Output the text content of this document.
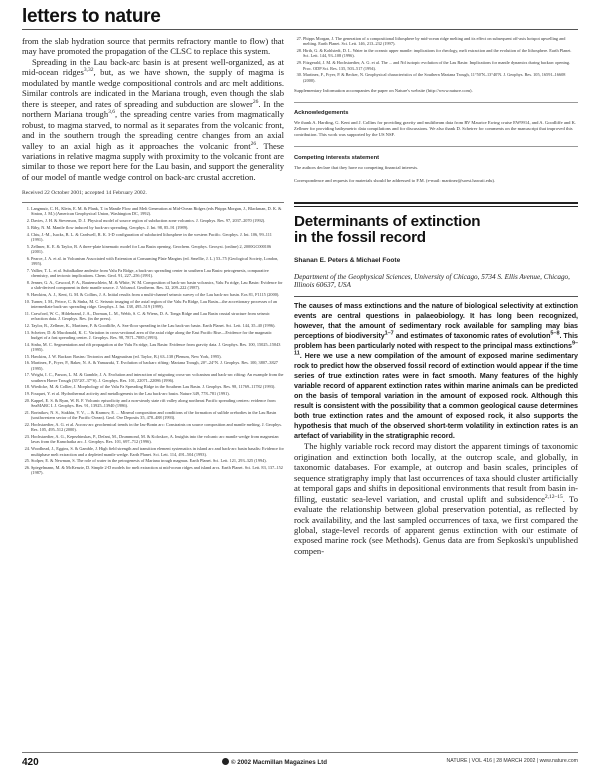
letters to nature

from the slab hydration source that permits refractory mantle to flow) that may have promoted the propagation of the CLSC to replace this system.

Spreading in the Lau back-arc basin is at present well-organized, as at mid-ocean ridges$^{3,32}$, but, as we have shown, the supply of magma is modulated by mantle wedge compositional controls and arc melt additions. Similar controls are indicated in the Mariana trough, even though the slab there is steeper, and rates of spreading and subduction are slower$^{26}$. In the northern Mariana trough$^{3,6}$, the spreading centre varies from magmatically robust, to magma starved, to normal as it separates from the volcanic front, and in the southern trough the spreading centre changes from an axial valley to an axial high as it approaches the volcanic front$^{26}$. These variations in relative magma supply with proximity to the volcanic front are similar to those we report here for the Lau basin, and support the generality of our model of mantle wedge control on back-arc crustal accretion.

Received 22 October 2001; accepted 14 February 2002.
1. Langmuir, C. H., Klein, E. M. & Plank, T. in Mantle Flow and Melt Generation at Mid-Ocean Ridges (eds Phipps Morgan, J., Blackman, D. K. & Sinton, J. M.) (American Geophysical Union, Washington DC, 1992).
2. Davies, J. H. & Stevenson, D. J. Physical model of source region of subduction zone volcanics. J. Geophys. Res. 97, 2037–2070 (1992).
3. Biby, N. M. Mantle flow induced by back-arc spreading. Geophys. J. Int. 98, 85–91 (1989).
4. Chiu, J.-M., Isacks, B. L. & Cardwell, R. K. 3-D configuration of subducted lithosphere in the western Pacific. Geophys. J. Int. 106, 99–111 (1991).
5. Zellmer, K. E. & Taylor, B. A three-plate kinematic model for Lau Basin opening. Geochem. Geophys. Geosyst. (online) 2, 2000GC000106 (2001).
6. Pearce, J. A. et al. in Volcanism Associated with Extension at Consuming Plate Margins (ed. Smellie, J. L.) 53–75 (Geological Society, London, 1995).
7. Vallier, T. L. et al. Subalkaline andesite from Valu Fa Ridge, a back-arc spreading center in southern Lau Basin: petrogenesis, comparative chemistry, and tectonic implications. Chem. Geol. 91, 227–256 (1991).
8. Jenner, G. A., Cawood, P. A., Rautenschlein, M. & White, W. M. Composition of back-arc basin volcanics, Valu Fa ridge, Lau Basin: Evidence for a slab-derived component in their mantle source. J. Volcanol. Geotherm. Res. 32, 209–222 (1987).
9. Hawkins, A. J., Kent, G. M. & Collins, J. A. Initial results from a multi-channel seismic survey of the Lau back-arc basin. Eos 81, F1115 (2000).
10. Turner, I. M., Peirce, C. & Sinha, M. C. Seismic imaging of the axial region of the Valu Fa Ridge, Lau Basin—the accretionary processes of an intermediate back-arc spreading ridge. Geophys. J. Int. 138, 495–519 (1999).
11. Crawford, W. C., Hildebrand, J. A., Dorman, L. M., Webb, S. C. & Wiens, D. A. Tonga Ridge and Lau Basin crustal structure from seismic refraction data. J. Geophys. Res. (in the press).
12. Taylor, B., Zellmer, K., Martinez, F. & Goodliffe, A. Sea-floor spreading in the Lau back-arc basin. Earth Planet. Sci. Lett. 144, 35–40 (1996).
13. Scheirer, D. & Macdonald, K. C. Variation in cross-sectional area of the axial ridge along the East Pacific Rise—Evidence for the magmatic budget of a fast spreading center. J. Geophys. Res. 98, 7871–7885 (1993).
14. Sinha, M. C. Segmentation and rift propagation at the Valu Fa ridge, Lau Basin: Evidence from gravity data. J. Geophys. Res. 100, 15025–15043 (1995).
15. Hawkins, J. W. Backarc Basins: Tectonics and Magmatism (ed. Taylor, B.) 63–138 (Plenum, New York, 1995).
16. Martinez, F., Fryer, P., Baker, N. A. & Yamazaki, T. Evolution of backarc rifting: Mariana Trough, 20°–24°N. J. Geophys. Res. 100, 3807–3827 (1995).
17. Wright, I. C., Parson, L. M. & Gamble, J. A. Evolution and interaction of migrating cross-arc volcanism and back-arc rifting: An example from the southern Havre Trough (35°20'–37°S). J. Geophys. Res. 101, 22071–22086 (1996).
18. Wiedicke, M. & Collier, J. Morphology of the Valu Fa Spreading Ridge in the Southern Lau Basin. J. Geophys. Res. 98, 11769–11782 (1993).
19. Fouquet, Y. et al. Hydrothermal activity and metallogenesis in the Lau back-arc basin. Nature 349, 778–781 (1991).
20. Kappel, E. S. & Ryan, W. B. F. Volcanic episodicity and a non-steady state rift valley along northeast Pacific spreading centers: evidence from SeaMARC I. J. Geophys. Res. 91, 13925–13940 (1986).
21. Bortnikov, N. S., Stakhin, V. V., ... & Kramov, E. ... Mineral composition and conditions of the formation of sulfide orebodies in the Lau Basin (southwestern sector of the Pacific Ocean). Geol. Ore Deposits 35, 478–488 (1993).
22. Hochstaedter, A. G. et al. Across-arc geochemical trends in the Izu-Bonin arc: Constraints on source composition and mantle melting. J. Geophys. Res. 105, 495–512 (2000).
23. Hochstaedter, A. G., Kepezhinskas, P., Defant, M., Drummond, M. & Koloskov, A. Insights into the volcanic arc mantle wedge from magnesian lavas from the Kamchatka arc. J. Geophys. Res. 101, 697–712 (1996).
24. Woodhead, J., Eggins, S. & Gamble, J. High field strength and transition element systematics in island arc and back-arc basin basalts: Evidence for multiphase melt extraction and a depleted mantle wedge. Earth Planet. Sci. Lett. 114, 491–504 (1993).
25. Stolper, E. & Newman, S. The role of water in the petrogenesis of Mariana trough magmas. Earth Planet. Sci. Lett. 121, 293–325 (1994).
26. Spiegelmann, M. & McKenzie, D. Simple 2-D models for melt extraction at mid-ocean ridges and island arcs. Earth Planet. Sci. Lett. 83, 137–152 (1987).
27. Phipps Morgan, J. The generation of a compositional lithosphere by mid-ocean ridge melting and its effect on subsequent off-axis hotspot upwelling and melting. Earth Planet. Sci. Lett. 146, 213–232 (1997).
28. Hirth, G. & Kohlstedt, D. L. Water in the oceanic upper mantle: implications for rheology, melt extraction and the evolution of the lithosphere. Earth Planet. Sci. Lett. 144, 93–108 (1996).
29. Fitzgerald, J. M. & Hochstaedter, A. G. et al. The ... and Nd isotopic evolution of the Lau Basin: Implications for mantle dynamics during backarc opening. Proc. ODP Sci. Res. 135, 503–517 (1994).
30. Martinez, F., Fryer, P. & Becker, N. Geophysical characteristics of the Southern Mariana Trough, 11°50'N–13°40'N. J. Geophys. Res. 105, 16591–16608 (2000).
Supplementary Information accompanies the paper on Nature's website (http://www.nature.com).
Acknowledgements
We thank A. Harding, G. Kent and J. Collins for providing gravity and multibeam data from RV Maurice Ewing cruise EW9914, and A. Goodliffe and K. Zellmer for providing bathymetric data compilations and for discussions. We also thank D. Scheirer for comments on the manuscript that improved this contribution. This work was supported by the US NSF.
Competing interests statement
The authors declare that they have no competing financial interests.
Correspondence and requests for materials should be addressed to F.M. (e-mail: martinez@soest.hawaii.edu).
Determinants of extinction
in the fossil record
Shanan E. Peters & Michael Foote
Department of the Geophysical Sciences, University of Chicago, 5734 S. Ellis Avenue, Chicago, Illinois 60637, USA

The causes of mass extinctions and the nature of biological selectivity at extinction events are central questions in palaeobiology. It has long been recognized, however, that the amount of sedimentary rock available for sampling may bias perceptions of biodiversity$^{1-7}$ and estimates of taxonomic rates of evolution$^{5-8}$. This problem has been particularly noted with respect to the principal mass extinctions$^{9-11}$. Here we use a new compilation of the amount of exposed marine sedimentary rock to predict how the observed fossil record of extinction would appear if the time series of true extinction rates were in fact smooth. Many features of the highly variable record of apparent extinction rates within marine animals can be predicted on the basis of temporal variation in the amount of exposed rock. Although this result is consistent with the possibility that a common geological cause determines both true extinction rates and the amount of exposed rock, it also supports the hypothesis that much of the observed short-term volatility in extinction rates is an artefact of variability in the stratigraphic record.

The highly variable rock record may distort the apparent timings of taxonomic origination and extinction both locally, at the outcrop scale, and globally, in taxonomic databases. For example, at outcrop and basin scales, principles of sequence stratigraphy imply that last occurrences of taxa should cluster artificially at temporal gaps and shifts in depositional environments that result from basin in-filling, eustatic sea-level variation, and crustal uplift and subsidence$^{2,12-15}$. To evaluate the relationship between global preservation potential, as reflected by rock availability, and the last sampled occurrences of taxa, we first compared the global, stage-level records of apparent genus extinction with our estimate of exposed marine rock (see Methods). Genus data are from Sepkoski's unpublished compen-

420	© 2002 Macmillan Magazines Ltd	NATURE | VOL 416 | 28 MARCH 2002 | www.nature.com
